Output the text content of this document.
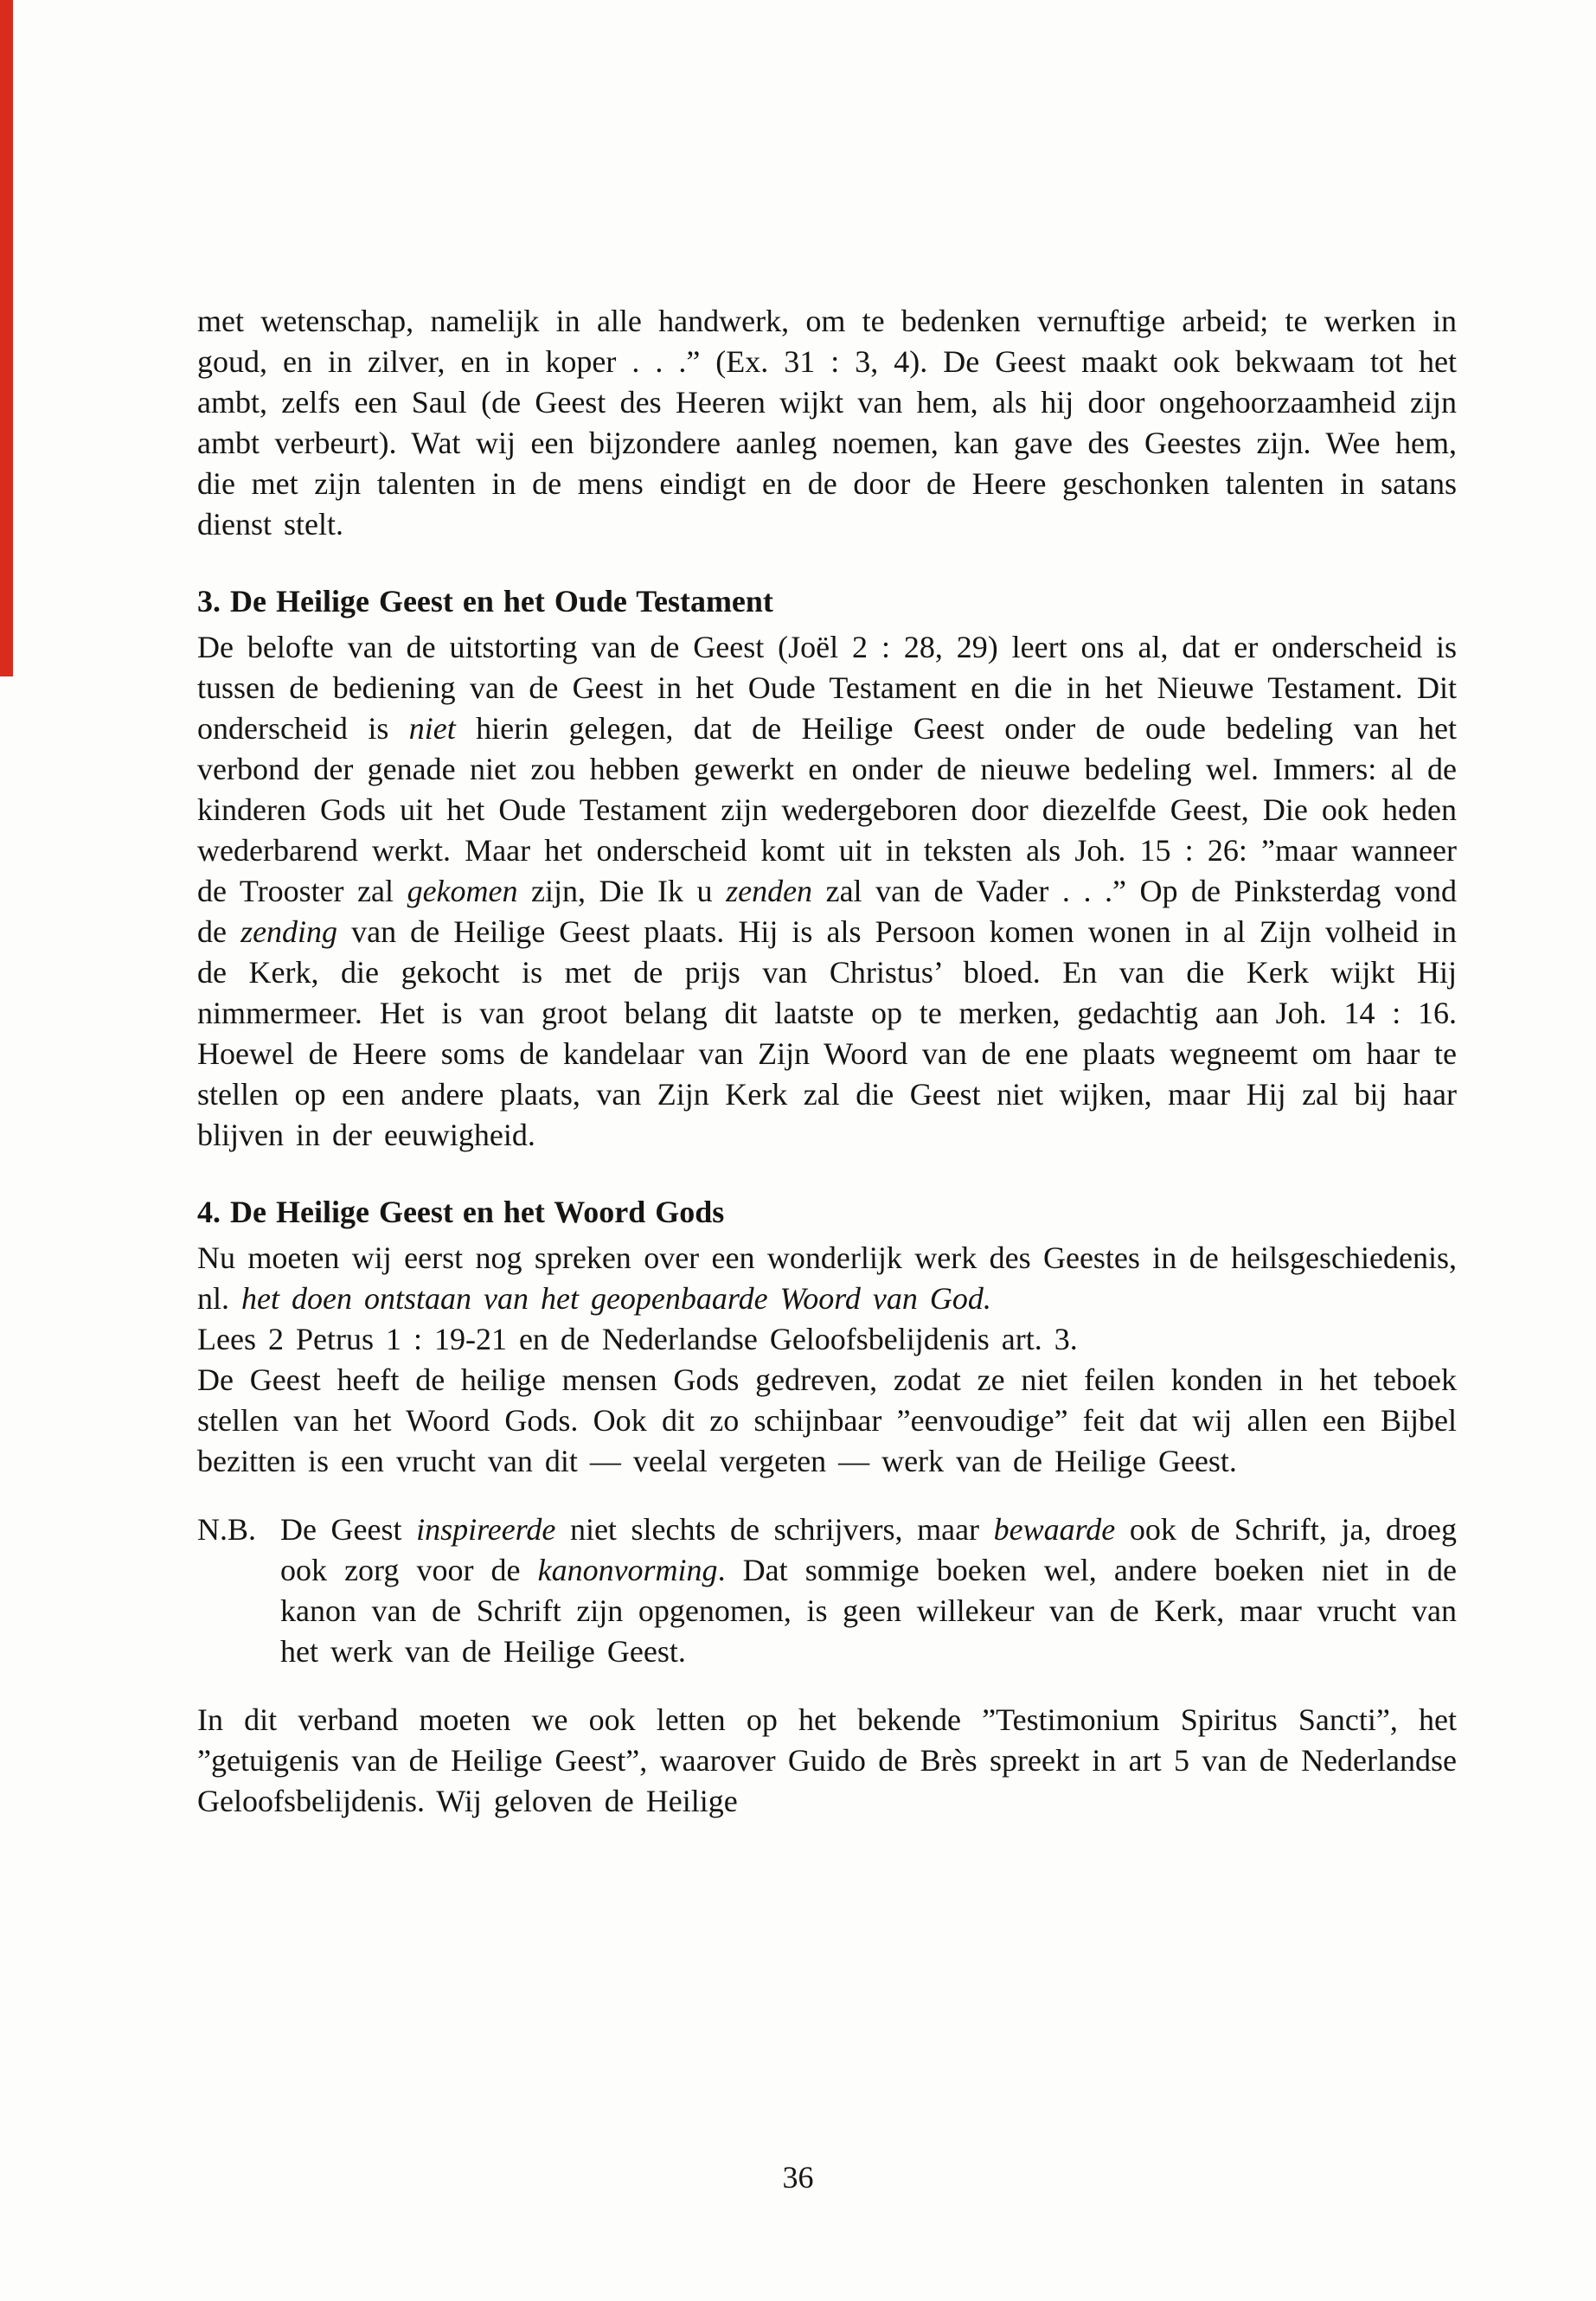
met wetenschap, namelijk in alle handwerk, om te bedenken vernuftige arbeid; te werken in goud, en in zilver, en in koper . . .” (Ex. 31 : 3, 4). De Geest maakt ook bekwaam tot het ambt, zelfs een Saul (de Geest des Heeren wijkt van hem, als hij door ongehoorzaamheid zijn ambt verbeurt). Wat wij een bijzondere aanleg noemen, kan gave des Geestes zijn. Wee hem, die met zijn talenten in de mens eindigt en de door de Heere geschonken talenten in satans dienst stelt.

3. De Heilige Geest en het Oude Testament

De belofte van de uitstorting van de Geest (Joël 2 : 28, 29) leert ons al, dat er onderscheid is tussen de bediening van de Geest in het Oude Testament en die in het Nieuwe Testament. Dit onderscheid is niet hierin gelegen, dat de Heilige Geest onder de oude bedeling van het verbond der genade niet zou hebben gewerkt en onder de nieuwe bedeling wel. Immers: al de kinderen Gods uit het Oude Testament zijn wedergeboren door diezelfde Geest, Die ook heden wederbarend werkt. Maar het onderscheid komt uit in teksten als Joh. 15 : 26: ”maar wanneer de Trooster zal gekomen zijn, Die Ik u zenden zal van de Vader . . .” Op de Pinksterdag vond de zending van de Heilige Geest plaats. Hij is als Persoon komen wonen in al Zijn volheid in de Kerk, die gekocht is met de prijs van Christus’ bloed. En van die Kerk wijkt Hij nimmermeer. Het is van groot belang dit laatste op te merken, gedachtig aan Joh. 14 : 16. Hoewel de Heere soms de kandelaar van Zijn Woord van de ene plaats wegneemt om haar te stellen op een andere plaats, van Zijn Kerk zal die Geest niet wijken, maar Hij zal bij haar blijven in der eeuwigheid.

4. De Heilige Geest en het Woord Gods

Nu moeten wij eerst nog spreken over een wonderlijk werk des Geestes in de heilsgeschiedenis, nl. het doen ontstaan van het geopenbaarde Woord van God.

Lees 2 Petrus 1 : 19-21 en de Nederlandse Geloofsbelijdenis art. 3.

De Geest heeft de heilige mensen Gods gedreven, zodat ze niet feilen konden in het teboek stellen van het Woord Gods. Ook dit zo schijnbaar ”eenvoudige” feit dat wij allen een Bijbel bezitten is een vrucht van dit — veelal vergeten — werk van de Heilige Geest.

N.B. De Geest inspireerde niet slechts de schrijvers, maar bewaarde ook de Schrift, ja, droeg ook zorg voor de kanonvorming. Dat sommige boeken wel, andere boeken niet in de kanon van de Schrift zijn opgenomen, is geen willekeur van de Kerk, maar vrucht van het werk van de Heilige Geest.

In dit verband moeten we ook letten op het bekende ”Testimonium Spiritus Sancti”, het ”getuigenis van de Heilige Geest”, waarover Guido de Brès spreekt in art 5 van de Nederlandse Geloofsbelijdenis. Wij geloven de Heilige

36
